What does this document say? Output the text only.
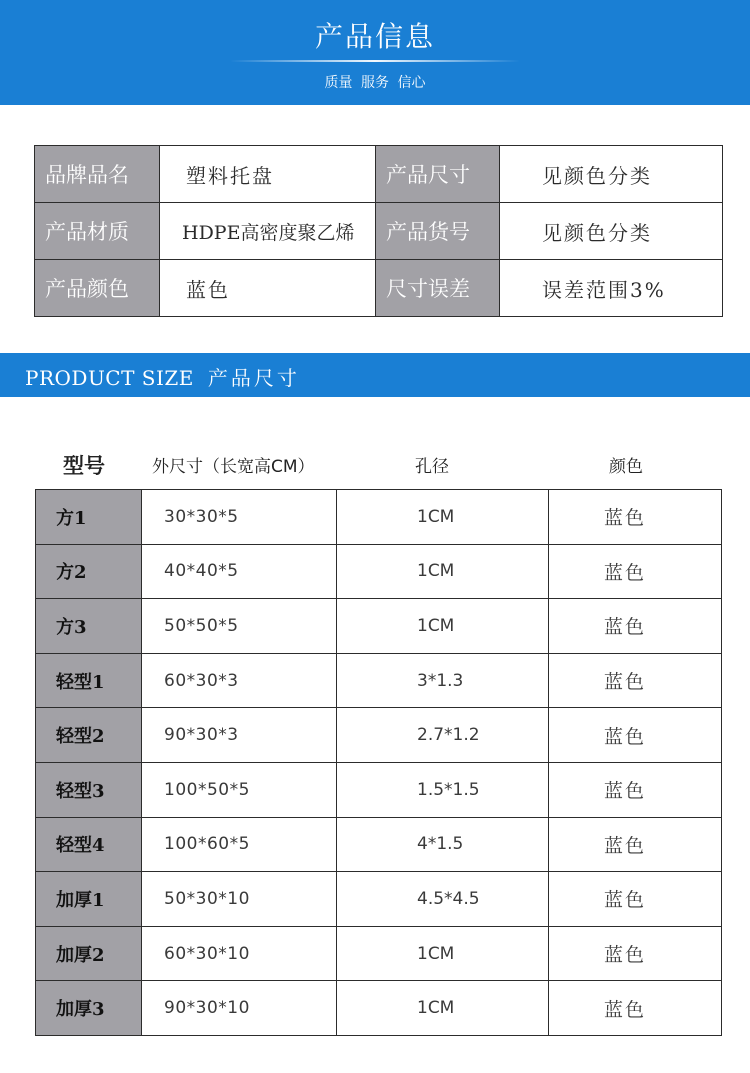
产品信息
质量 服务 信心
品牌品名	塑料托盘	产品尺寸	见颜色分类
产品材质	HDPE高密度聚乙烯	产品货号	见颜色分类
产品颜色	蓝色	尺寸误差	误差范围3%
PRODUCT SIZE 产品尺寸
型号	外尺寸（长宽高CM）	孔径	颜色
方1	30*30*5	1CM	蓝色
方2	40*40*5	1CM	蓝色
方3	50*50*5	1CM	蓝色
轻型1	60*30*3	3*1.3	蓝色
轻型2	90*30*3	2.7*1.2	蓝色
轻型3	100*50*5	1.5*1.5	蓝色
轻型4	100*60*5	4*1.5	蓝色
加厚1	50*30*10	4.5*4.5	蓝色
加厚2	60*30*10	1CM	蓝色
加厚3	90*30*10	1CM	蓝色
